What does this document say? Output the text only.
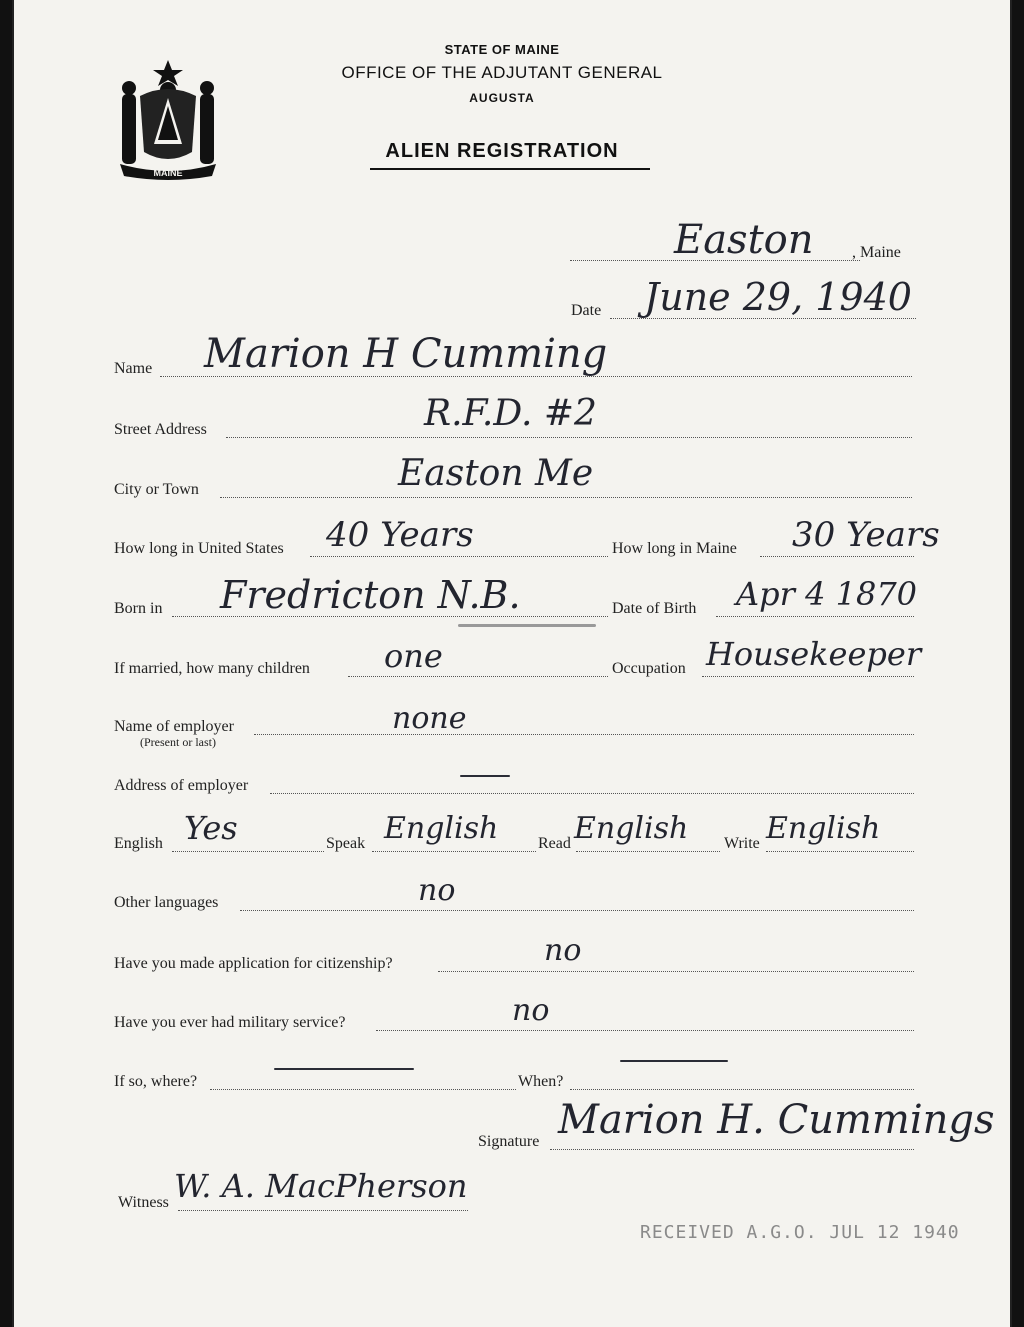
MAINE
STATE OF MAINE
OFFICE OF THE ADJUTANT GENERAL
AUGUSTA
ALIEN REGISTRATION
Easton , Maine
Date June 29, 1940
Name Marion H Cumming
Street Address	R.F.D. #2
City or Town	Easton Me
How long in United States 40 Years	How long in Maine 30 Years
Born in Fredricton N.B.	Date of Birth Apr 4 1870
If married, how many children one	Occupation Housekeeper
Name of employer
(Present or last)
none
Address of employer
English Yes	Speak English Read English Write English
Other languages	no
Have you made application for citizenship?	no
Have you ever had military service?	no
If so, where?	When?
Signature Marion H. Cummings
Witness W. A. MacPherson
RECEIVED A.G.O. JUL 12 1940
